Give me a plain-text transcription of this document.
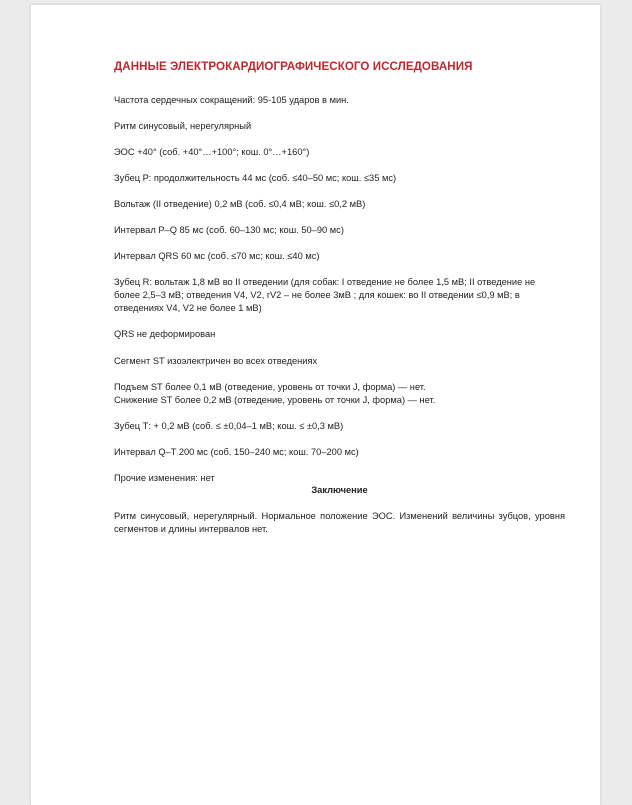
ДАННЫЕ ЭЛЕКТРОКАРДИОГРАФИЧЕСКОГО ИССЛЕДОВАНИЯ
Частота сердечных сокращений: 95-105 ударов в мин.
Ритм синусовый, нерегулярный
ЭОС +40° (соб. +40°…+100°; кош. 0°…+160°)
Зубец Р: продолжительность 44 мс (соб. ≤40–50 мс; кош. ≤35 мс)
Вольтаж (II отведение) 0,2 мВ (соб. ≤0,4 мВ; кош. ≤0,2 мВ)
Интервал P–Q 85 мс (соб. 60–130 мс; кош. 50–90 мс)
Интервал QRS 60 мс (соб. ≤70 мс; кош. ≤40 мс)
Зубец R: вольтаж 1,8 мВ во II отведении (для собак: I отведение не более 1,5 мВ; II отведение не
более 2,5–3 мВ; отведения V4, V2, rV2 – не более 3мВ ; для кошек: во II отведении ≤0,9 мВ; в
отведениях V4, V2 не более 1 мВ)
QRS не деформирован
Сегмент ST изоэлектричен во всех отведениях
Подъем ST более 0,1 мВ (отведение, уровень от точки J, форма) — нет.
Снижение ST более 0,2 мВ (отведение, уровень от точки J, форма) — нет.
Зубец Т: + 0,2 мВ (соб. ≤ ±0,04–1 мВ; кош. ≤ ±0,3 мВ)
Интервал Q–T 200 мс (соб. 150–240 мс; кош. 70–200 мс)
Прочие изменения: нет
Заключение
Ритм синусовый, нерегулярный. Нормальное положение ЭОС. Изменений величины зубцов, уровня сегментов и длины интервалов нет.
